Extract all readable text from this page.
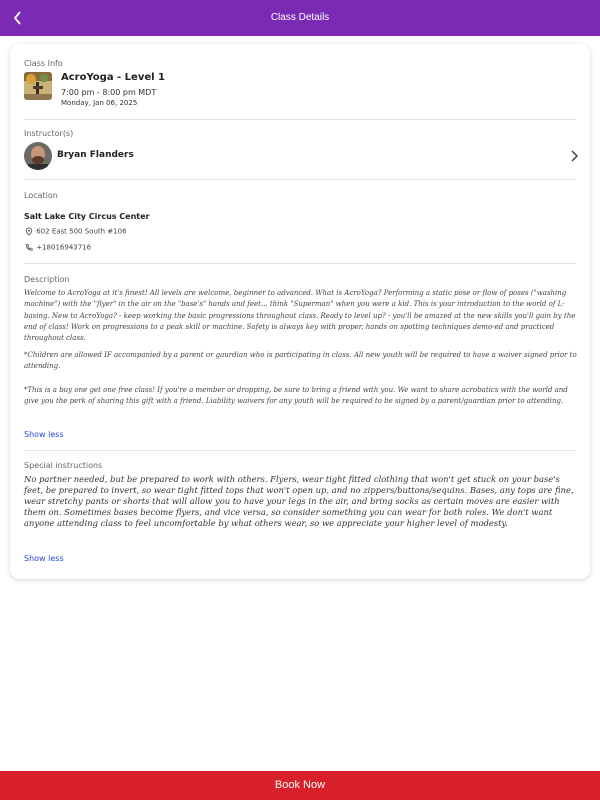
Class Details
Class Info
AcroYoga - Level 1
7:00 pm - 8:00 pm MDT
Monday, Jan 06, 2025
Instructor(s)
Bryan Flanders
Location
Salt Lake City Circus Center
602 East 500 South #106
+18016943716
Description
Welcome to AcroYoga at it's finest! All levels are welcome, beginner to advanced. What is AcroYoga? Performing a static pose or flow of poses ("washing machine") with the "flyer" in the air on the "base's" hands and feet... think "Superman" when you were a kid. This is your introduction to the world of L-basing. New to AcroYoga? - keep working the basic progressions throughout class. Ready to level up? - you'll be amazed at the new skills you'll gain by the end of class! Work on progressions to a peak skill or machine. Safety is always key with proper, hands on spotting techniques demo-ed and practiced throughout class.
*Children are allowed IF accompanied by a parent or gaurdian who is participating in class. All new youth will be required to have a waiver signed prior to attending.
*This is a buy one get one free class! If you're a member or dropping, be sure to bring a friend with you. We want to share acrobatics with the world and give you the perk of sharing this gift with a friend. Liability waivers for any youth will be required to be signed by a parent/guardian prior to attending.
Show less
Special instructions
No partner needed, but be prepared to work with others. Flyers, wear tight fitted clothing that won't get stuck on your base's feet, be prepared to invert, so wear tight fitted tops that won't open up, and no zippers/buttons/sequins. Bases, any tops are fine, wear stretchy pants or shorts that will allow you to have your legs in the air, and bring socks as certain moves are easier with them on. Sometimes bases become flyers, and vice versa, so consider something you can wear for both roles. We don't want anyone attending class to feel uncomfortable by what others wear, so we appreciate your higher level of modesty.
Show less
Book Now
